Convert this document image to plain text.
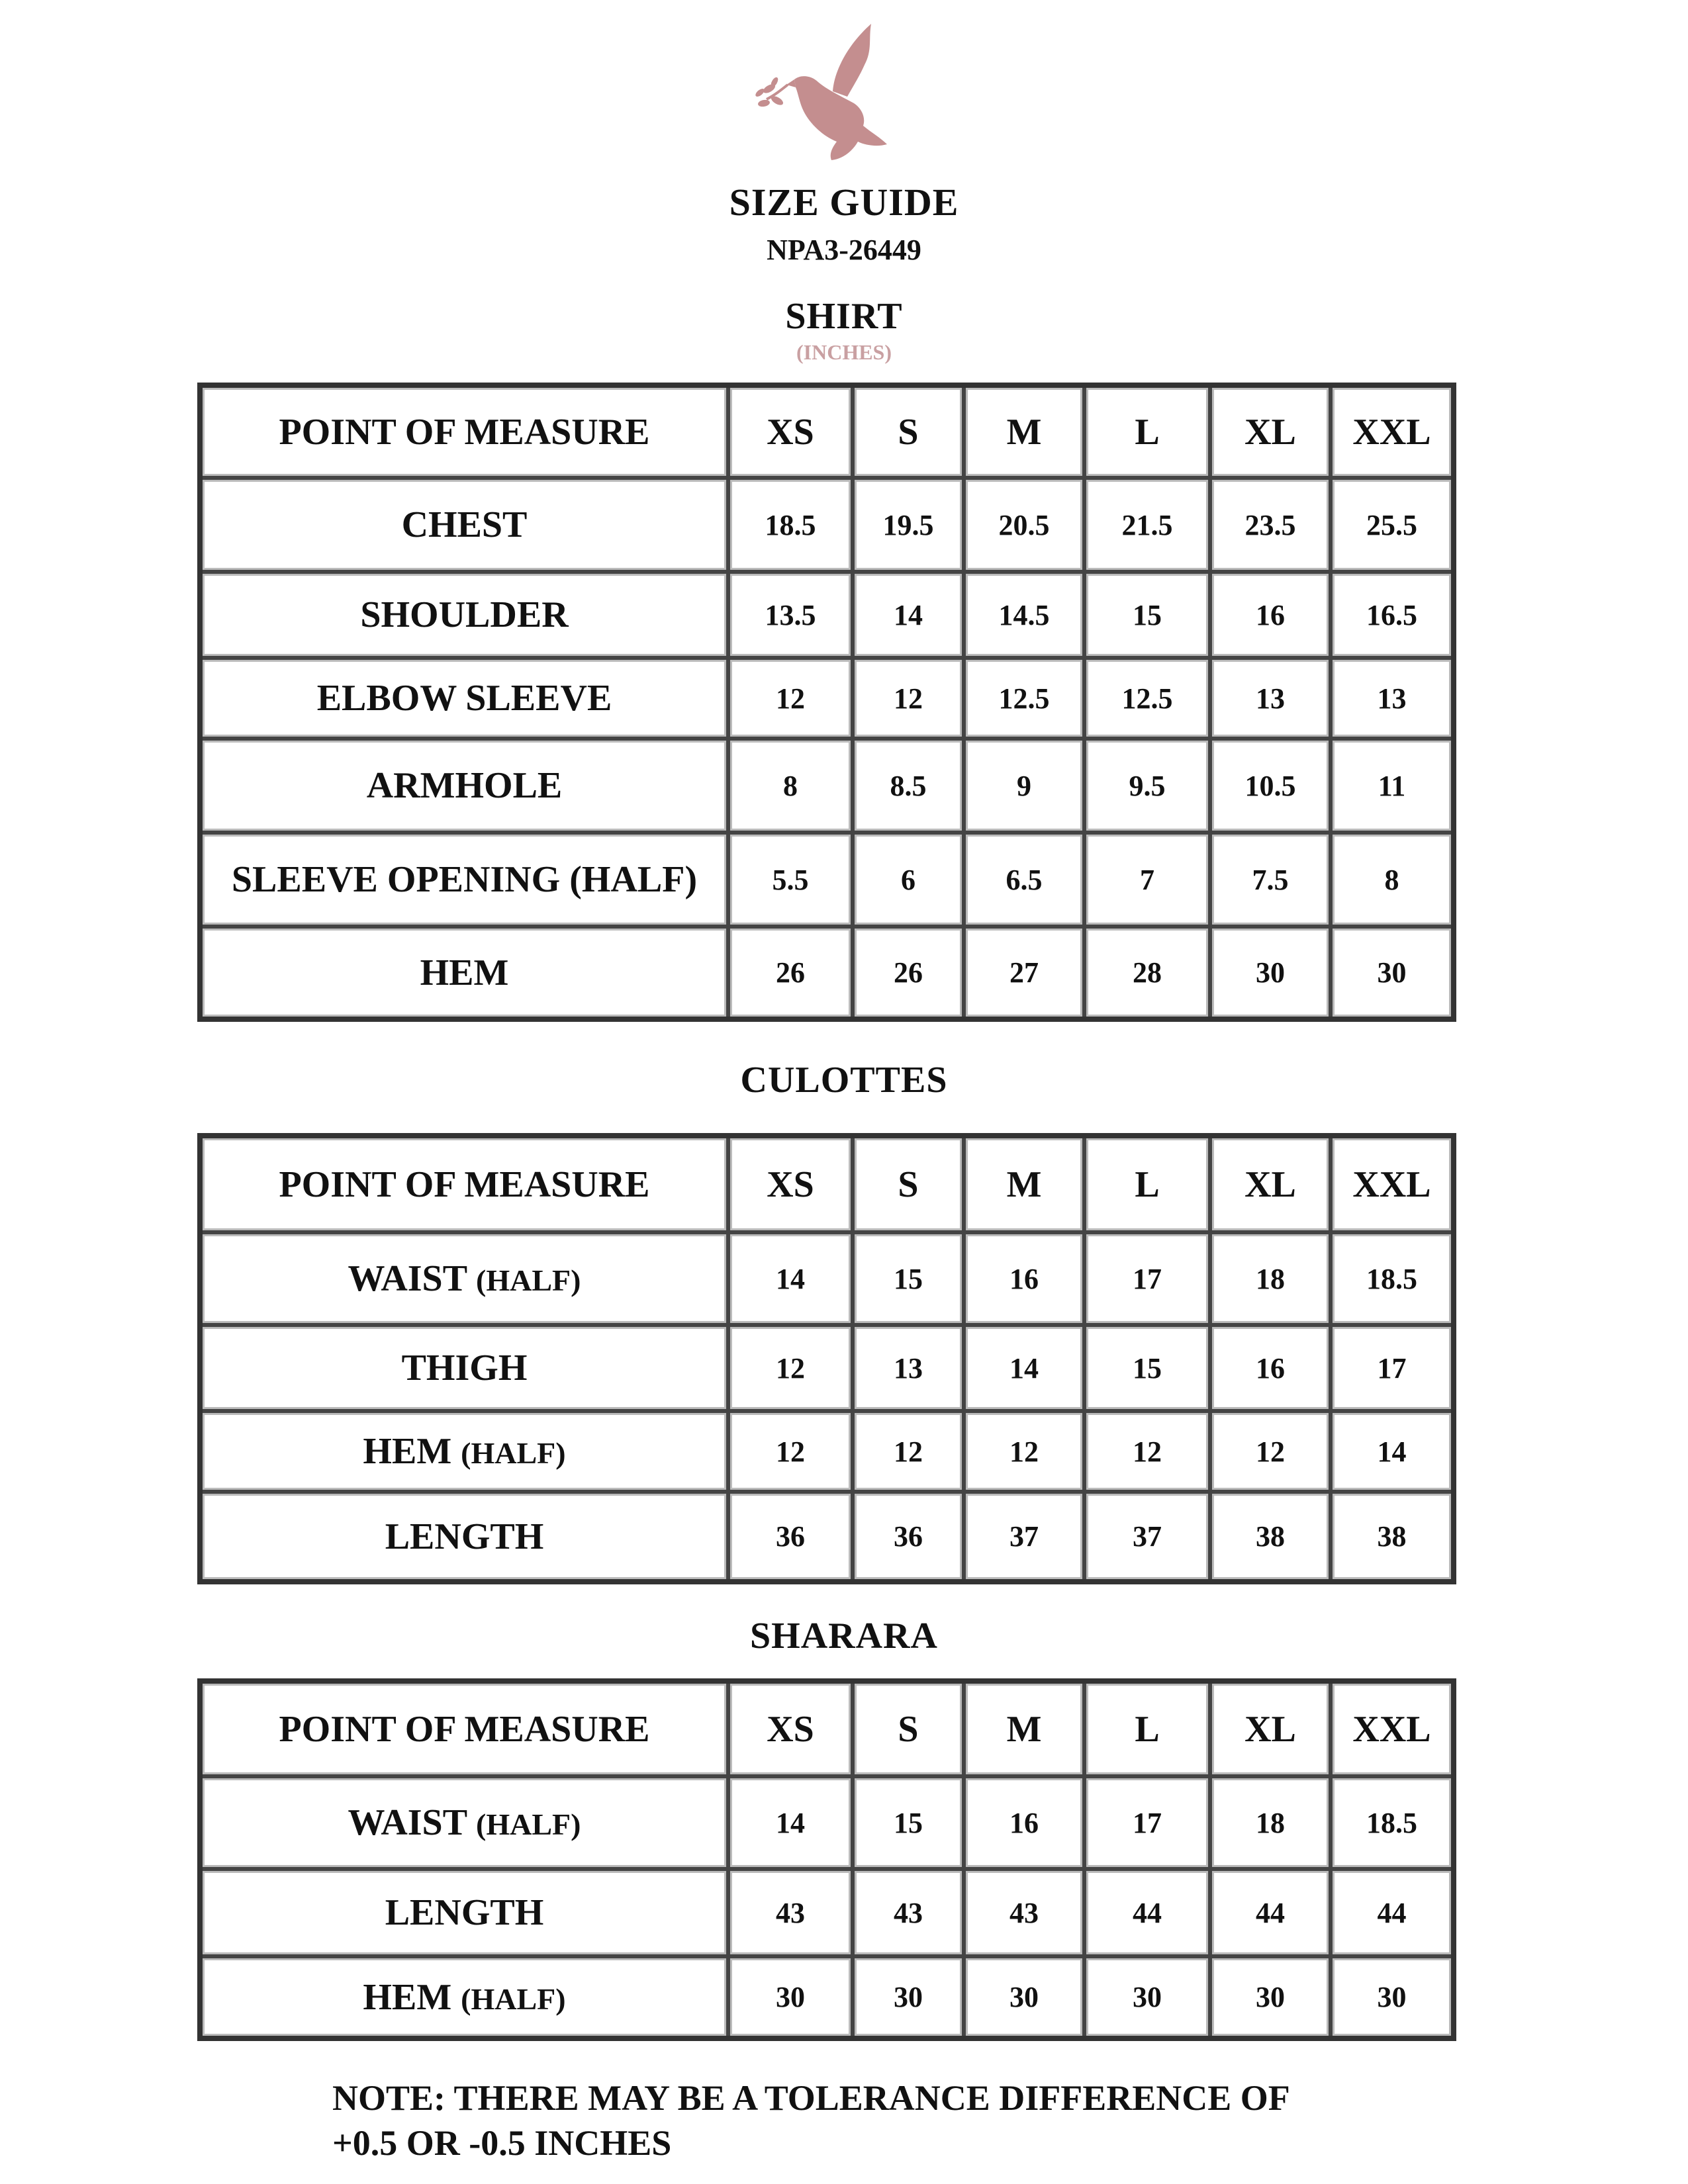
SIZE GUIDE
NPA3-26449
SHIRT
(INCHES)
POINT OF MEASURE	XS	S	M	L	XL	XXL
CHEST	18.5	19.5	20.5	21.5	23.5	25.5
SHOULDER	13.5	14	14.5	15	16	16.5
ELBOW SLEEVE	12	12	12.5	12.5	13	13
ARMHOLE	8	8.5	9	9.5	10.5	11
SLEEVE OPENING (HALF)	5.5	6	6.5	7	7.5	8
HEM	26	26	27	28	30	30
CULOTTES
POINT OF MEASURE	XS	S	M	L	XL	XXL
WAIST (HALF)	14	15	16	17	18	18.5
THIGH	12	13	14	15	16	17
HEM (HALF)	12	12	12	12	12	14
LENGTH	36	36	37	37	38	38
SHARARA
POINT OF MEASURE	XS	S	M	L	XL	XXL
WAIST (HALF)	14	15	16	17	18	18.5
LENGTH	43	43	43	44	44	44
HEM (HALF)	30	30	30	30	30	30
NOTE: THERE MAY BE A TOLERANCE DIFFERENCE OF
+0.5 OR -0.5 INCHES
